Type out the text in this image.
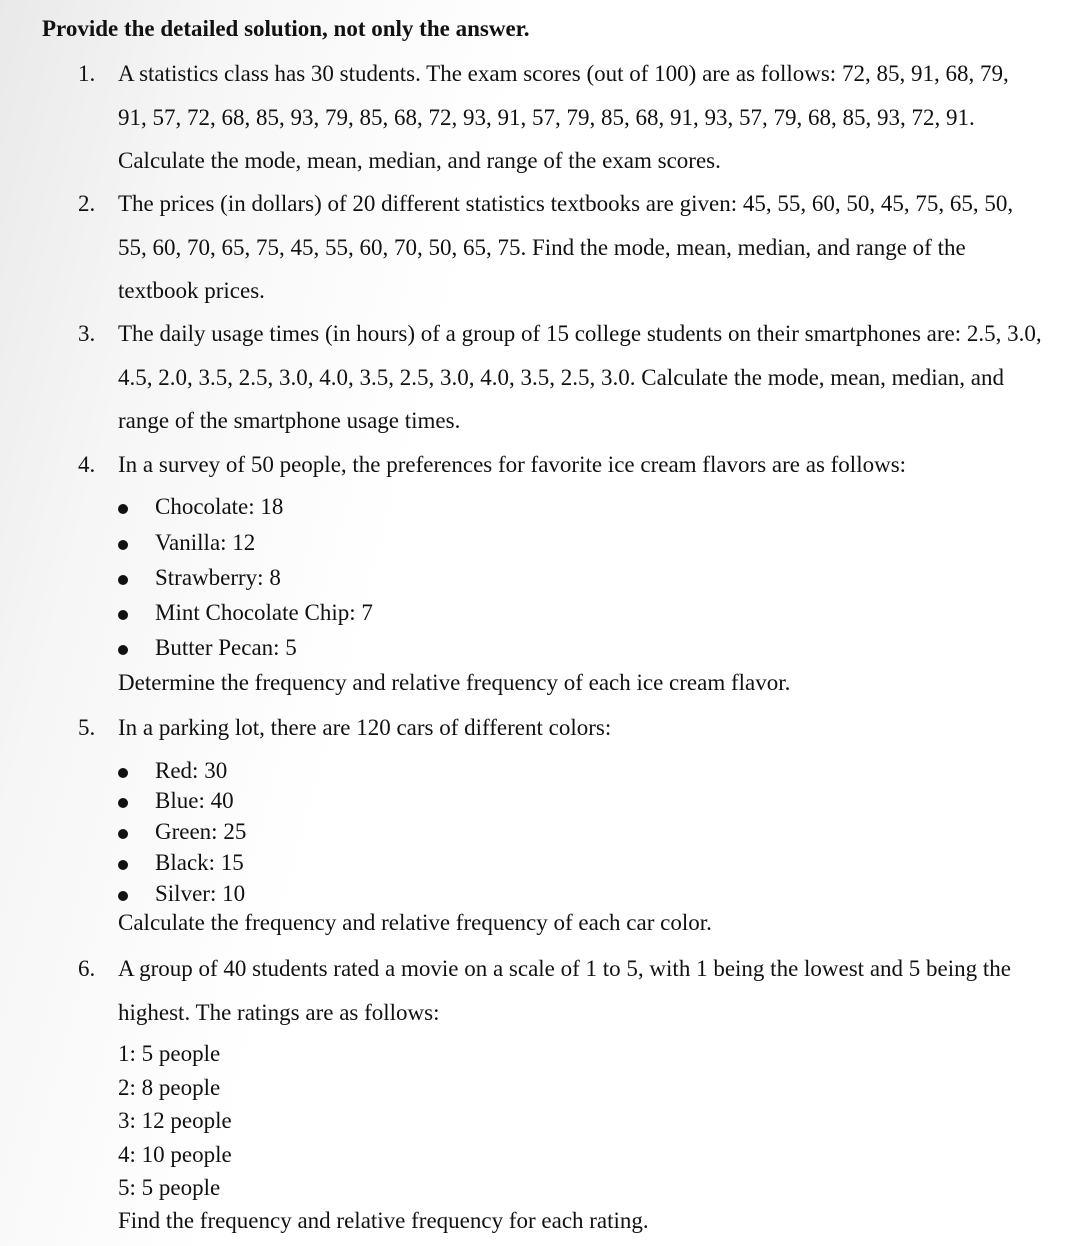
Provide the detailed solution, not only the answer.
1. A statistics class has 30 students. The exam scores (out of 100) are as follows: 72, 85, 91, 68, 79, 91, 57, 72, 68, 85, 93, 79, 85, 68, 72, 93, 91, 57, 79, 85, 68, 91, 93, 57, 79, 68, 85, 93, 72, 91. Calculate the mode, mean, median, and range of the exam scores.

2. The prices (in dollars) of 20 different statistics textbooks are given: 45, 55, 60, 50, 45, 75, 65, 50, 55, 60, 70, 65, 75, 45, 55, 60, 70, 50, 65, 75. Find the mode, mean, median, and range of the textbook prices.

3. The daily usage times (in hours) of a group of 15 college students on their smartphones are: 2.5, 3.0, 4.5, 2.0, 3.5, 2.5, 3.0, 4.0, 3.5, 2.5, 3.0, 4.0, 3.5, 2.5, 3.0. Calculate the mode, mean, median, and range of the smartphone usage times.

4. In a survey of 50 people, the preferences for favorite ice cream flavors are as follows:

Chocolate: 18
Vanilla: 12
Strawberry: 8
Mint Chocolate Chip: 7
Butter Pecan: 5
Determine the frequency and relative frequency of each ice cream flavor.
5. In a parking lot, there are 120 cars of different colors:

Red: 30
Blue: 40
Green: 25
Black: 15
Silver: 10
Calculate the frequency and relative frequency of each car color.
6. A group of 40 students rated a movie on a scale of 1 to 5, with 1 being the lowest and 5 being the highest. The ratings are as follows:

1: 5 people
2: 8 people
3: 12 people
4: 10 people
5: 5 people
Find the frequency and relative frequency for each rating.
